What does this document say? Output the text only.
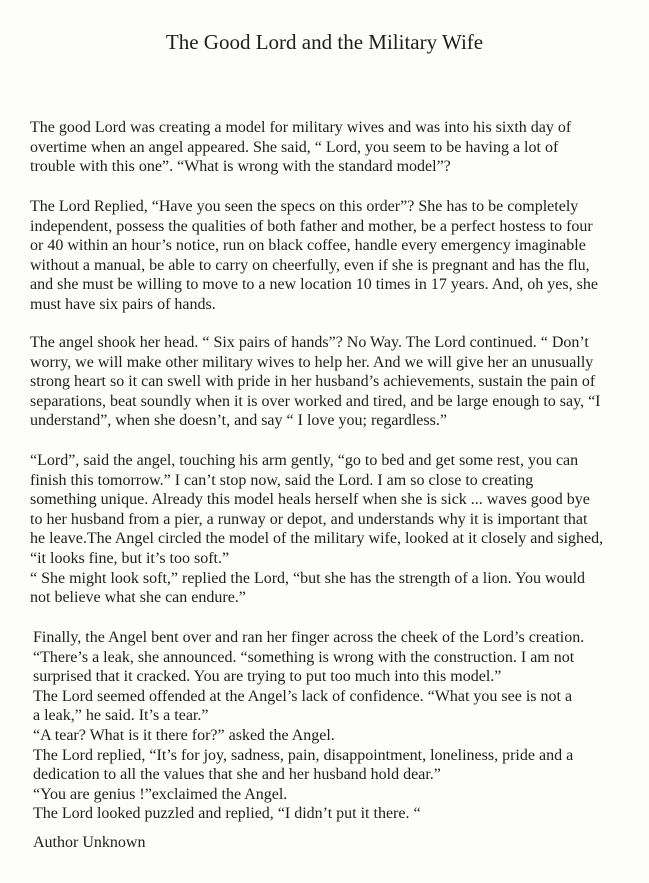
The Good Lord and the Military Wife
The good Lord was creating a model for military wives and was into his sixth day of
overtime when an angel appeared. She said, “ Lord, you seem to be having a lot of
trouble with this one”. “What is wrong with the standard model”?
The Lord Replied, “Have you seen the specs on this order”? She has to be completely
independent, possess the qualities of both father and mother, be a perfect hostess to four
or 40 within an hour’s notice, run on black coffee, handle every emergency imaginable
without a manual, be able to carry on cheerfully, even if she is pregnant and has the flu,
and she must be willing to move to a new location 10 times in 17 years. And, oh yes, she
must have six pairs of hands.
The angel shook her head. “ Six pairs of hands”? No Way. The Lord continued. “ Don’t
worry, we will make other military wives to help her. And we will give her an unusually
strong heart so it can swell with pride in her husband’s achievements, sustain the pain of
separations, beat soundly when it is over worked and tired, and be large enough to say, “I
understand”, when she doesn’t, and say “ I love you; regardless.”
“Lord”, said the angel, touching his arm gently, “go to bed and get some rest, you can
finish this tomorrow.” I can’t stop now, said the Lord. I am so close to creating
something unique. Already this model heals herself when she is sick ... waves good bye
to her husband from a pier, a runway or depot, and understands why it is important that
he leave.The Angel circled the model of the military wife, looked at it closely and sighed,
“it looks fine, but it’s too soft.”
“ She might look soft,” replied the Lord, “but she has the strength of a lion. You would
not believe what she can endure.”
Finally, the Angel bent over and ran her finger across the cheek of the Lord’s creation.
“There’s a leak, she announced. “something is wrong with the construction. I am not
surprised that it cracked. You are trying to put too much into this model.”
The Lord seemed offended at the Angel’s lack of confidence. “What you see is not a
a leak,” he said. It’s a tear.”
“A tear? What is it there for?” asked the Angel.
The Lord replied, “It’s for joy, sadness, pain, disappointment, loneliness, pride and a
dedication to all the values that she and her husband hold dear.”
“You are genius !”exclaimed the Angel.
The Lord looked puzzled and replied, “I didn’t put it there. “
Author Unknown
